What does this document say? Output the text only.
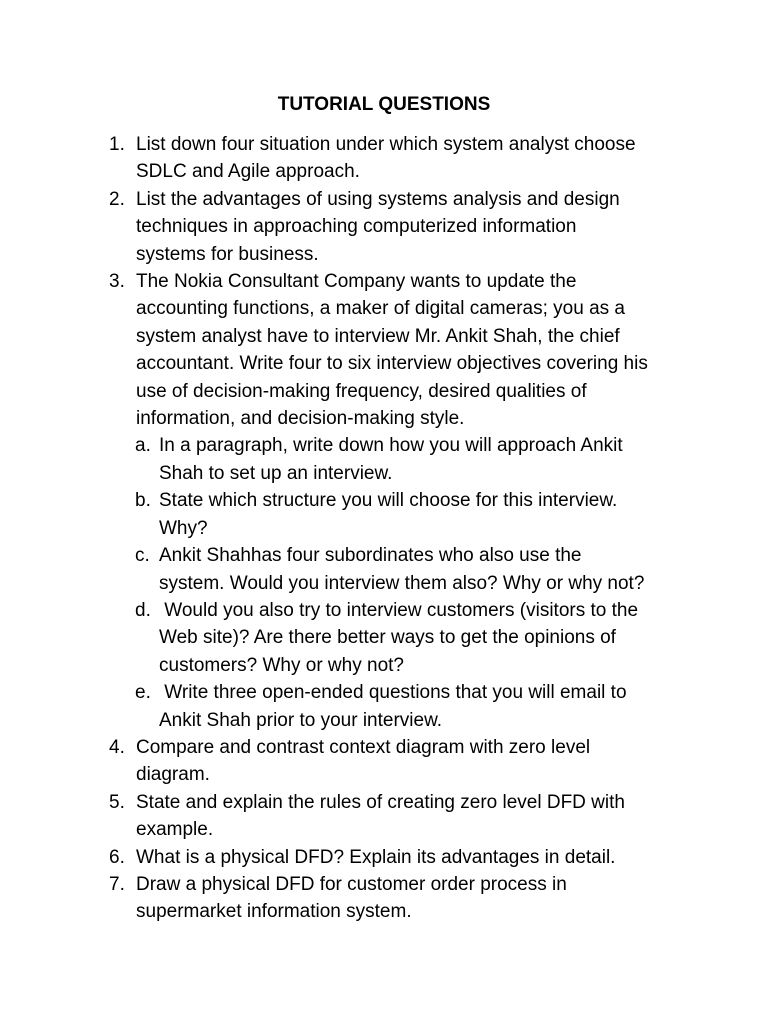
TUTORIAL QUESTIONS
1. List down four situation under which system analyst choose
SDLC and Agile approach.
2. List the advantages of using systems analysis and design
techniques in approaching computerized information
systems for business.
3. The Nokia Consultant Company wants to update the
accounting functions, a maker of digital cameras; you as a
system analyst have to interview Mr. Ankit Shah, the chief
accountant. Write four to six interview objectives covering his
use of decision-making frequency, desired qualities of
information, and decision-making style.
a. In a paragraph, write down how you will approach Ankit
Shah to set up an interview.
b. State which structure you will choose for this interview.
Why?
c. Ankit Shahhas four subordinates who also use the
system. Would you interview them also? Why or why not?
d. Would you also try to interview customers (visitors to the
Web site)? Are there better ways to get the opinions of
customers? Why or why not?
e. Write three open-ended questions that you will email to
Ankit Shah prior to your interview.
4. Compare and contrast context diagram with zero level
diagram.
5. State and explain the rules of creating zero level DFD with
example.
6. What is a physical DFD? Explain its advantages in detail.
7. Draw a physical DFD for customer order process in
supermarket information system.
